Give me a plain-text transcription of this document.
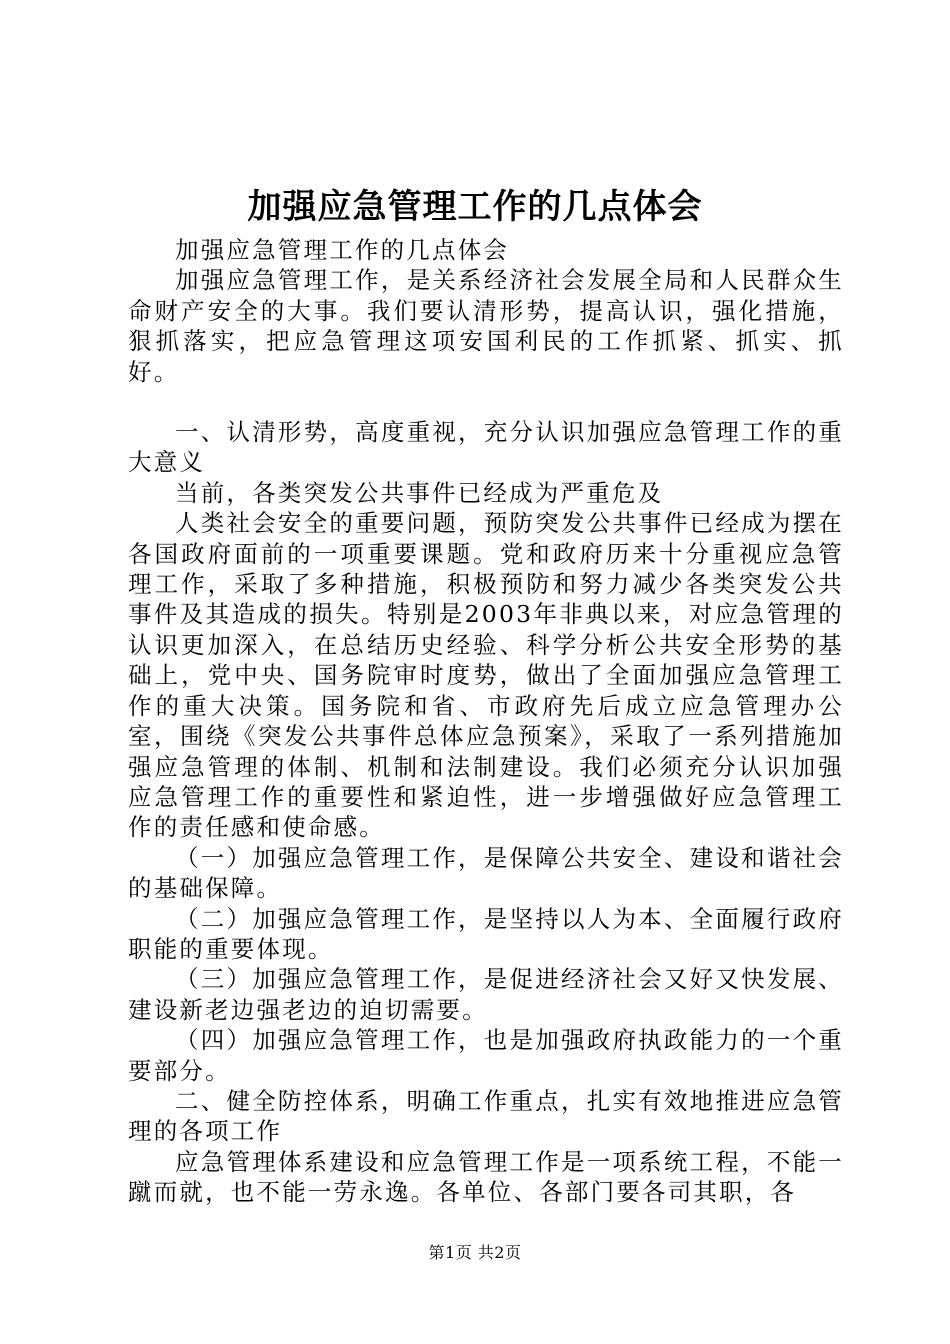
加强应急管理工作的几点体会

加强应急管理工作的几点体会

加强应急管理工作，是关系经济社会发展全局和人民群众生命财产安全的大事。我们要认清形势，提高认识，强化措施，狠抓落实，把应急管理这项安国利民的工作抓紧、抓实、抓好。

一、认清形势，高度重视，充分认识加强应急管理工作的重大意义

当前，各类突发公共事件已经成为严重危及

人类社会安全的重要问题，预防突发公共事件已经成为摆在各国政府面前的一项重要课题。党和政府历来十分重视应急管理工作，采取了多种措施，积极预防和努力减少各类突发公共事件及其造成的损失。特别是2003年非典以来，对应急管理的认识更加深入，在总结历史经验、科学分析公共安全形势的基础上，党中央、国务院审时度势，做出了全面加强应急管理工作的重大决策。国务院和省、市政府先后成立应急管理办公室，围绕《突发公共事件总体应急预案》，采取了一系列措施加强应急管理的体制、机制和法制建设。我们必须充分认识加强应急管理工作的重要性和紧迫性，进一步增强做好应急管理工作的责任感和使命感。

（一）加强应急管理工作，是保障公共安全、建设和谐社会的基础保障。

（二）加强应急管理工作，是坚持以人为本、全面履行政府职能的重要体现。

（三）加强应急管理工作，是促进经济社会又好又快发展、建设新老边强老边的迫切需要。

（四）加强应急管理工作，也是加强政府执政能力的一个重要部分。

二、健全防控体系，明确工作重点，扎实有效地推进应急管理的各项工作

应急管理体系建设和应急管理工作是一项系统工程，不能一蹴而就，也不能一劳永逸。各单位、各部门要各司其职，各

第1页 共2页
